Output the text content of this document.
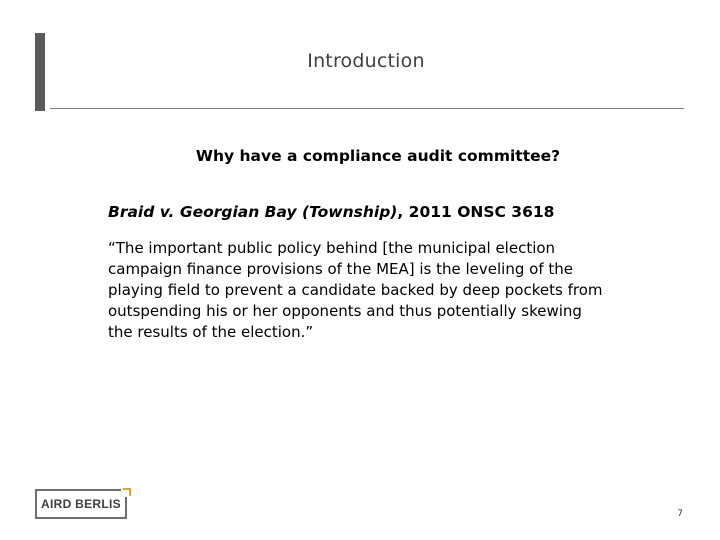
Introduction

Why have a compliance audit committee?

Braid v. Georgian Bay (Township), 2011 ONSC 3618

“The important public policy behind [the municipal election campaign finance provisions of the MEA] is the leveling of the playing field to prevent a candidate backed by deep pockets from outspending his or her opponents and thus potentially skewing the results of the election.”

AIRD BERLIS
7
